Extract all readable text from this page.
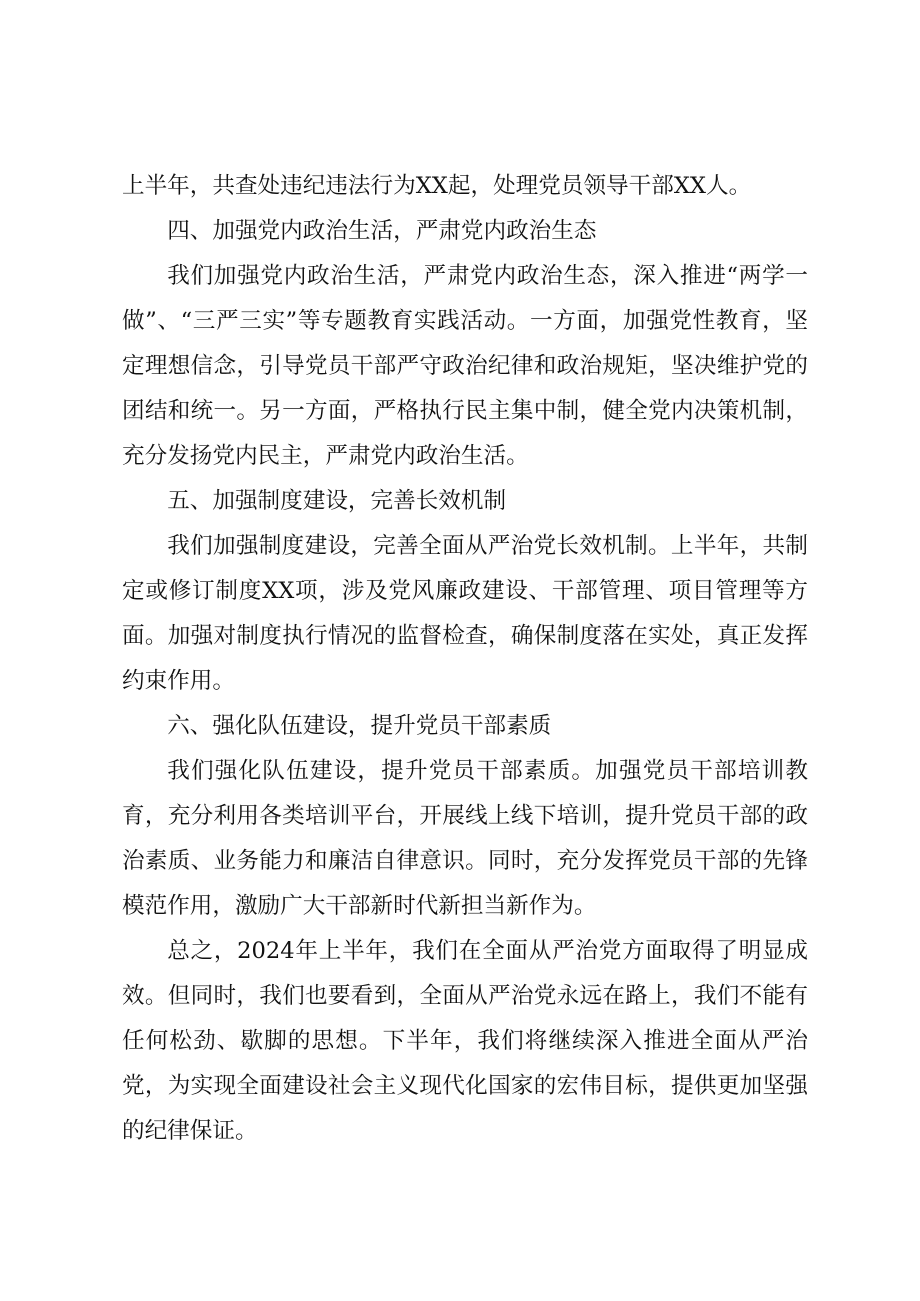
上半年，共查处违纪违法行为XX起，处理党员领导干部XX人。

四、加强党内政治生活，严肃党内政治生态

我们加强党内政治生活，严肃党内政治生态，深入推进“两学一做”、“三严三实”等专题教育实践活动。一方面，加强党性教育，坚定理想信念，引导党员干部严守政治纪律和政治规矩，坚决维护党的团结和统一。另一方面，严格执行民主集中制，健全党内决策机制，充分发扬党内民主，严肃党内政治生活。

五、加强制度建设，完善长效机制

我们加强制度建设，完善全面从严治党长效机制。上半年，共制定或修订制度XX项，涉及党风廉政建设、干部管理、项目管理等方面。加强对制度执行情况的监督检查，确保制度落在实处，真正发挥约束作用。

六、强化队伍建设，提升党员干部素质

我们强化队伍建设，提升党员干部素质。加强党员干部培训教育，充分利用各类培训平台，开展线上线下培训，提升党员干部的政治素质、业务能力和廉洁自律意识。同时，充分发挥党员干部的先锋模范作用，激励广大干部新时代新担当新作为。

总之，2024年上半年，我们在全面从严治党方面取得了明显成效。但同时，我们也要看到，全面从严治党永远在路上，我们不能有任何松劲、歇脚的思想。下半年，我们将继续深入推进全面从严治党，为实现全面建设社会主义现代化国家的宏伟目标，提供更加坚强的纪律保证。
